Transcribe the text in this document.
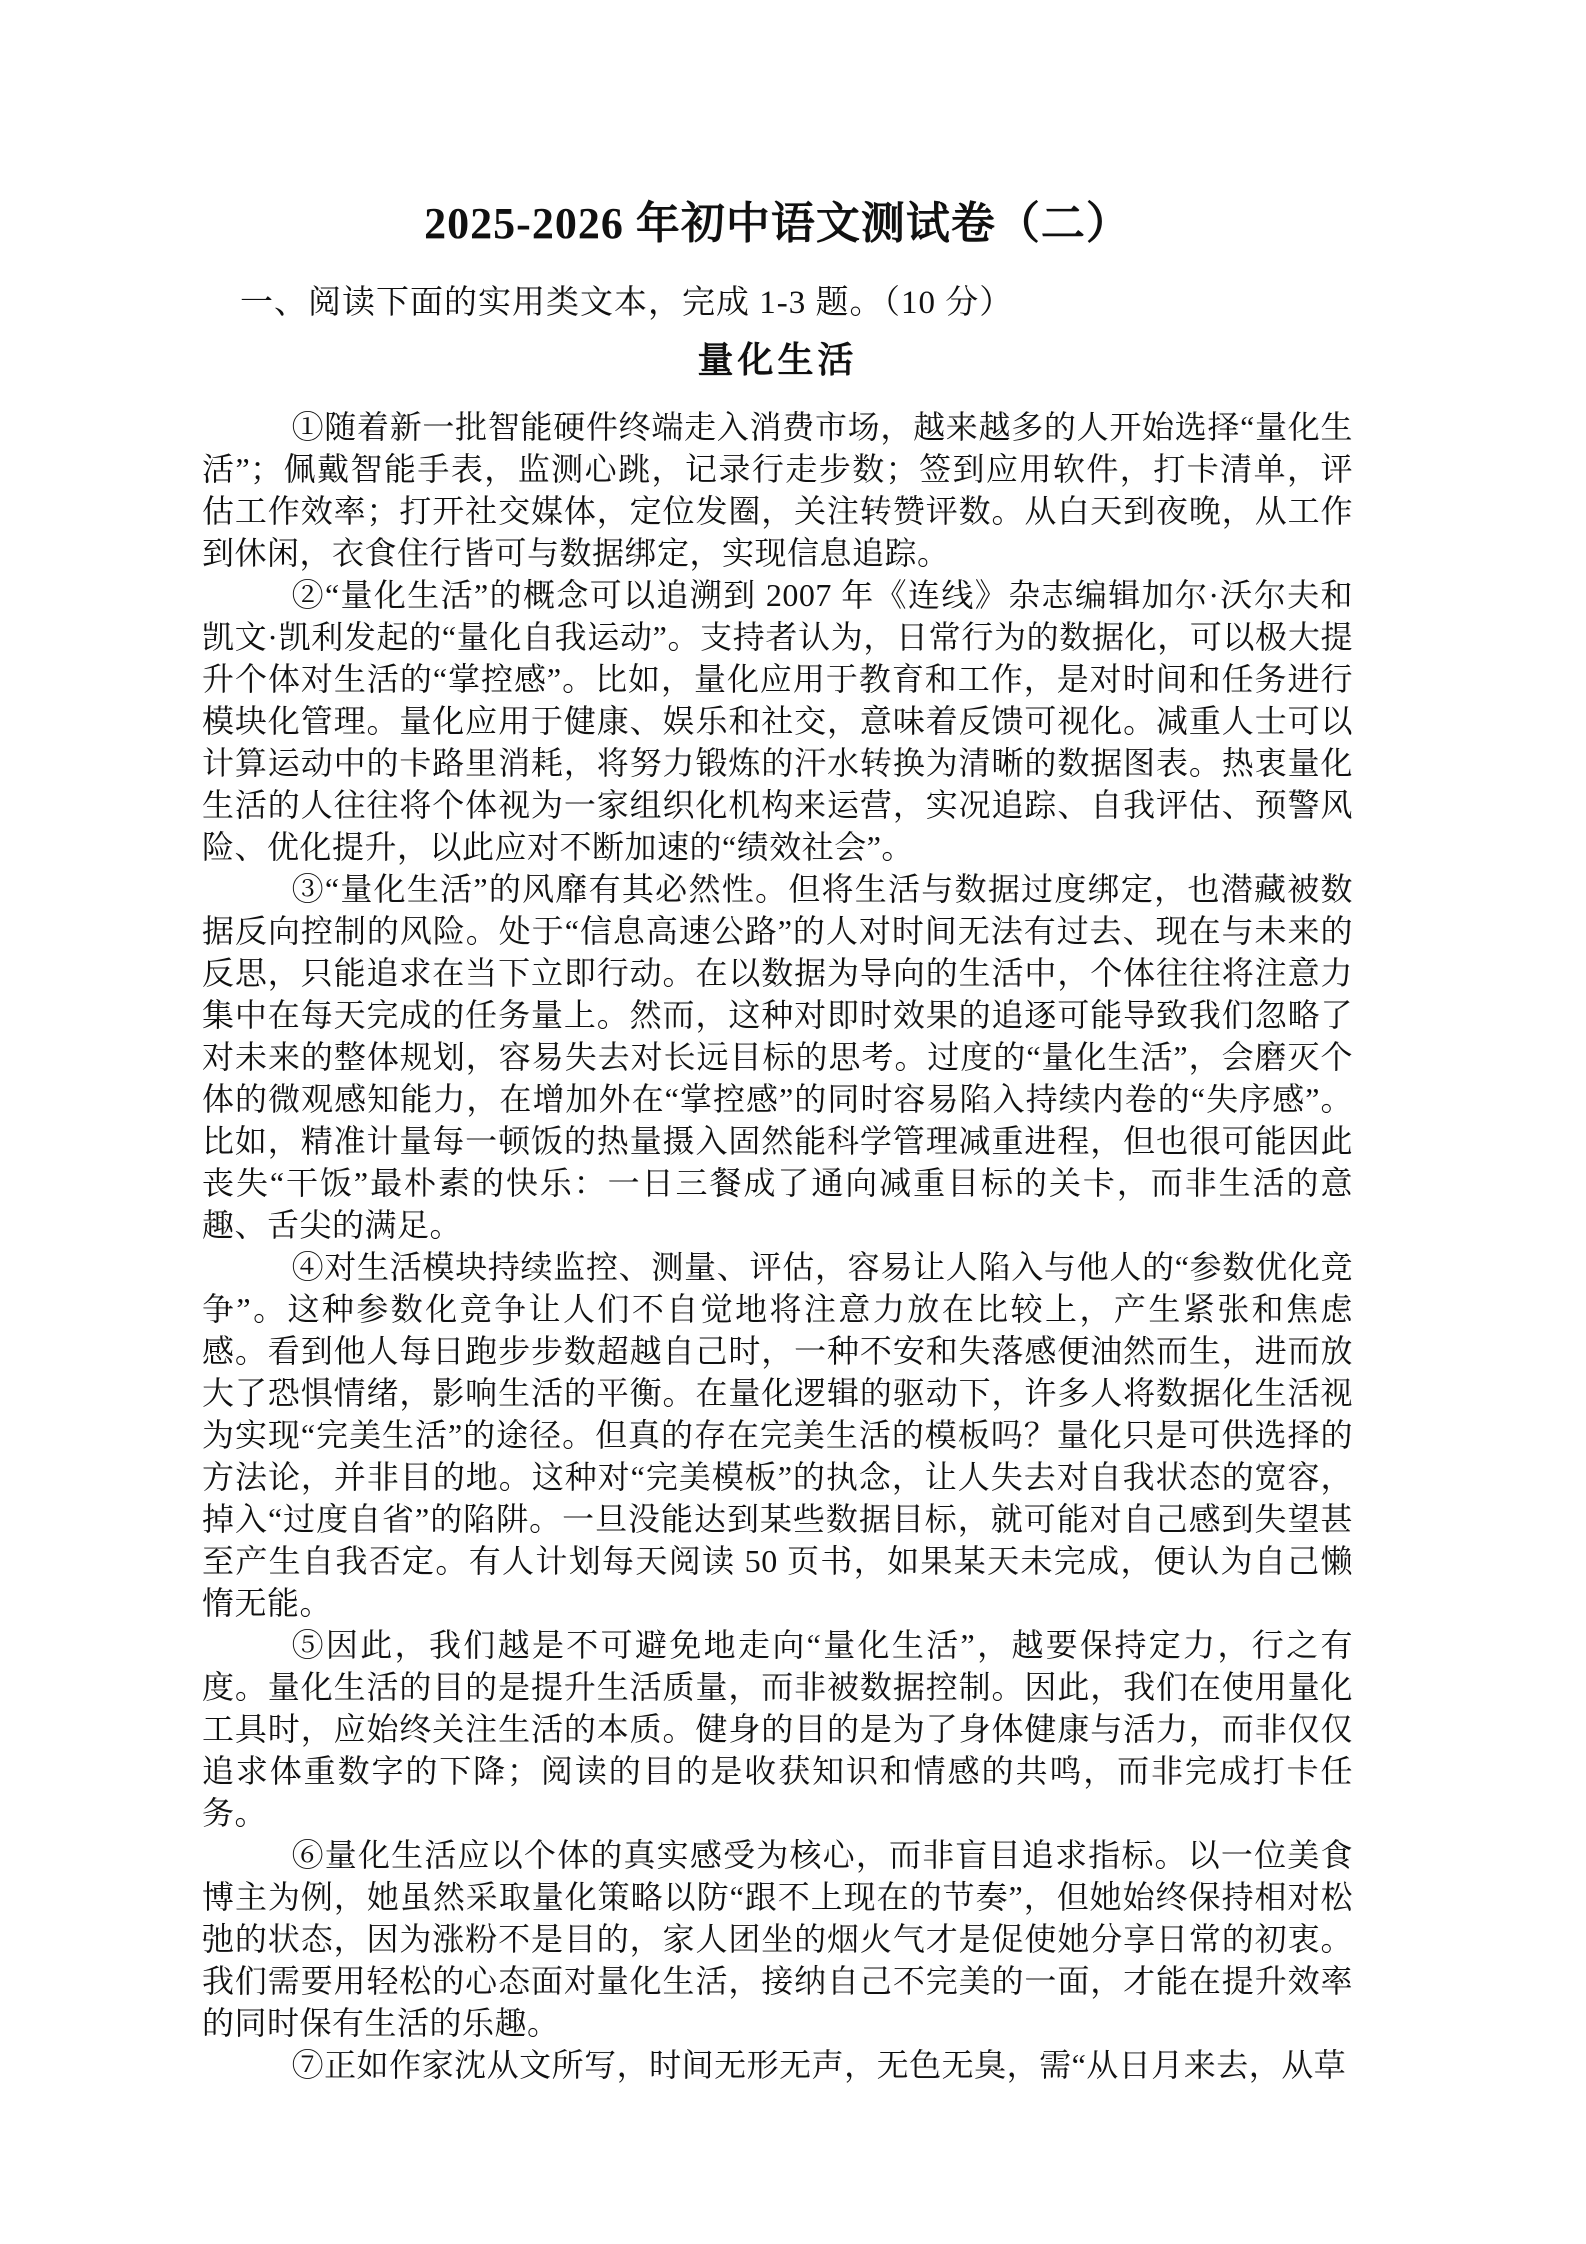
2025-2026 年初中语文测试卷（二）
一、阅读下面的实用类文本，完成 1-3 题。（10 分）
量化生活

①随着新一批智能硬件终端走入消费市场，越来越多的人开始选择“量化生活”；佩戴智能手表，监测心跳，记录行走步数；签到应用软件，打卡清单，评估工作效率；打开社交媒体，定位发圈，关注转赞评数。从白天到夜晚，从工作到休闲，衣食住行皆可与数据绑定，实现信息追踪。

②“量化生活”的概念可以追溯到 2007 年《连线》杂志编辑加尔·沃尔夫和凯文·凯利发起的“量化自我运动”。支持者认为，日常行为的数据化，可以极大提升个体对生活的“掌控感”。比如，量化应用于教育和工作，是对时间和任务进行模块化管理。量化应用于健康、娱乐和社交，意味着反馈可视化。减重人士可以计算运动中的卡路里消耗，将努力锻炼的汗水转换为清晰的数据图表。热衷量化生活的人往往将个体视为一家组织化机构来运营，实况追踪、自我评估、预警风险、优化提升，以此应对不断加速的“绩效社会”。

③“量化生活”的风靡有其必然性。但将生活与数据过度绑定，也潜藏被数据反向控制的风险。处于“信息高速公路”的人对时间无法有过去、现在与未来的反思，只能追求在当下立即行动。在以数据为导向的生活中，个体往往将注意力集中在每天完成的任务量上。然而，这种对即时效果的追逐可能导致我们忽略了对未来的整体规划，容易失去对长远目标的思考。过度的“量化生活”，会磨灭个体的微观感知能力，在增加外在“掌控感”的同时容易陷入持续内卷的“失序感”。比如，精准计量每一顿饭的热量摄入固然能科学管理减重进程，但也很可能因此丧失“干饭”最朴素的快乐：一日三餐成了通向减重目标的关卡，而非生活的意趣、舌尖的满足。

④对生活模块持续监控、测量、评估，容易让人陷入与他人的“参数优化竞争”。这种参数化竞争让人们不自觉地将注意力放在比较上，产生紧张和焦虑感。看到他人每日跑步步数超越自己时，一种不安和失落感便油然而生，进而放大了恐惧情绪，影响生活的平衡。在量化逻辑的驱动下，许多人将数据化生活视为实现“完美生活”的途径。但真的存在完美生活的模板吗？量化只是可供选择的方法论，并非目的地。这种对“完美模板”的执念，让人失去对自我状态的宽容，掉入“过度自省”的陷阱。一旦没能达到某些数据目标，就可能对自己感到失望甚至产生自我否定。有人计划每天阅读 50 页书，如果某天未完成，便认为自己懒惰无能。

⑤因此，我们越是不可避免地走向“量化生活”，越要保持定力，行之有度。量化生活的目的是提升生活质量，而非被数据控制。因此，我们在使用量化工具时，应始终关注生活的本质。健身的目的是为了身体健康与活力，而非仅仅追求体重数字的下降；阅读的目的是收获知识和情感的共鸣，而非完成打卡任务。

⑥量化生活应以个体的真实感受为核心，而非盲目追求指标。以一位美食博主为例，她虽然采取量化策略以防“跟不上现在的节奏”，但她始终保持相对松弛的状态，因为涨粉不是目的，家人团坐的烟火气才是促使她分享日常的初衷。我们需要用轻松的心态面对量化生活，接纳自己不完美的一面，才能在提升效率的同时保有生活的乐趣。

⑦正如作家沈从文所写，时间无形无声，无色无臭，需“从日月来去，从草
